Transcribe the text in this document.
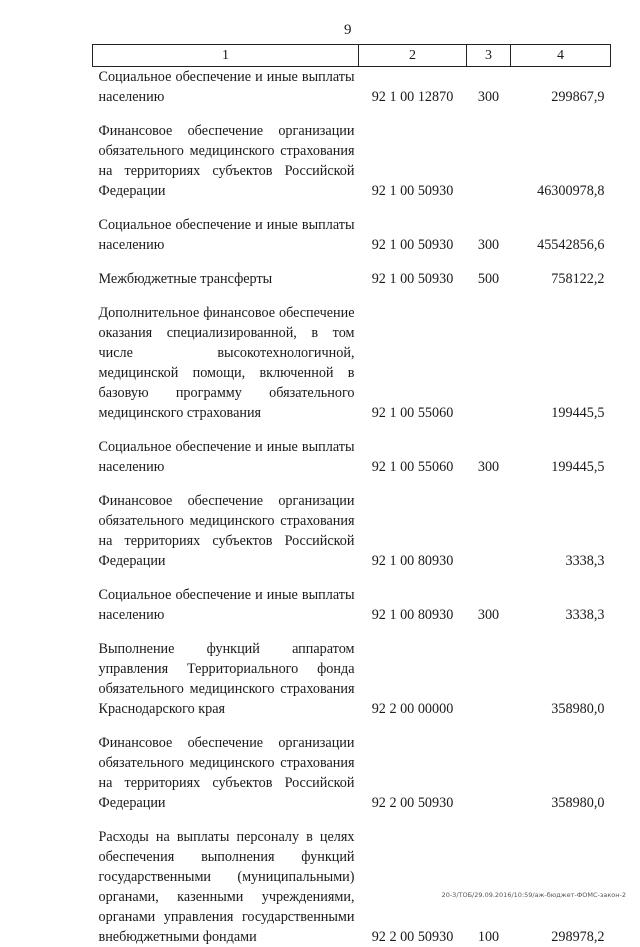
9
1	2	3	4
Социальное обеспечение и иные выплаты населению	92 1 00 12870	300	299867,9

Финансовое обеспечение организации обязательного медицинского страхования на территориях субъектов Российской Федерации	92 1 00 50930		46300978,8

Социальное обеспечение и иные выплаты населению	92 1 00 50930	300	45542856,6

Межбюджетные трансферты	92 1 00 50930	500	758122,2

Дополнительное финансовое обеспечение оказания специализированной, в том числе высокотехнологичной, медицинской помощи, включенной в базовую программу обязательного медицинского страхования	92 1 00 55060		199445,5

Социальное обеспечение и иные выплаты населению	92 1 00 55060	300	199445,5

Финансовое обеспечение организации обязательного медицинского страхования на территориях субъектов Российской Федерации	92 1 00 80930		3338,3

Социальное обеспечение и иные выплаты населению	92 1 00 80930	300	3338,3

Выполнение функций аппаратом управления Территориального фонда обязательного медицинского страхования Краснодарского края	92 2 00 00000		358980,0

Финансовое обеспечение организации обязательного медицинского страхования на территориях субъектов Российской Федерации	92 2 00 50930		358980,0

Расходы на выплаты персоналу в целях обеспечения выполнения функций государственными (муниципальными) органами, казенными учреждениями, органами управления государственными внебюджетными фондами	92 2 00 50930	100	298978,2
20-3/ТОБ/29.09.2016/10:59/аж-бюджет-ФОМС-закон-2
